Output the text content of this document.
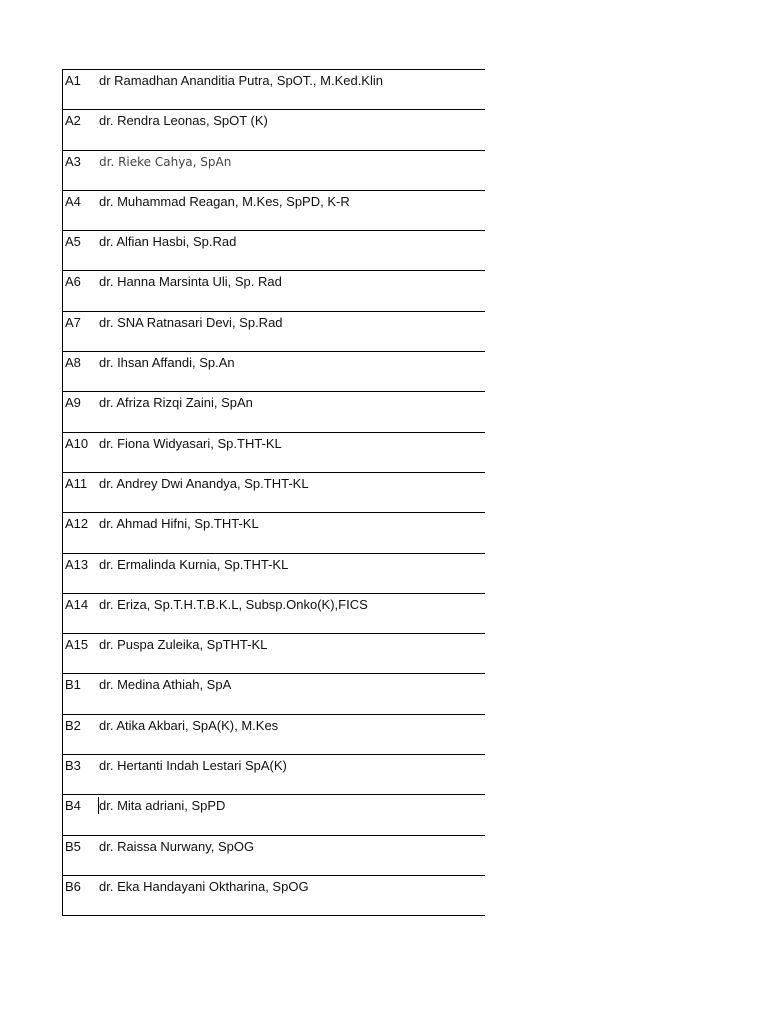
A1 dr Ramadhan Ananditia Putra, SpOT., M.Ked.Klin
A2 dr. Rendra Leonas, SpOT (K)
A3 dr. Rieke Cahya, SpAn
A4 dr. Muhammad Reagan, M.Kes, SpPD, K-R
A5 dr. Alfian Hasbi, Sp.Rad
A6 dr. Hanna Marsinta Uli, Sp. Rad
A7 dr. SNA Ratnasari Devi, Sp.Rad
A8 dr. Ihsan Affandi, Sp.An
A9 dr. Afriza Rizqi Zaini, SpAn
A10 dr. Fiona Widyasari, Sp.THT-KL
A11 dr. Andrey Dwi Anandya, Sp.THT-KL
A12 dr. Ahmad Hifni, Sp.THT-KL
A13 dr. Ermalinda Kurnia, Sp.THT-KL
A14 dr. Eriza, Sp.T.H.T.B.K.L, Subsp.Onko(K),FICS
A15 dr. Puspa Zuleika, SpTHT-KL
B1 dr. Medina Athiah, SpA
B2 dr. Atika Akbari, SpA(K), M.Kes
B3 dr. Hertanti Indah Lestari SpA(K)
B4 dr. Mita adriani, SpPD
B5 dr. Raissa Nurwany, SpOG
B6 dr. Eka Handayani Oktharina, SpOG
